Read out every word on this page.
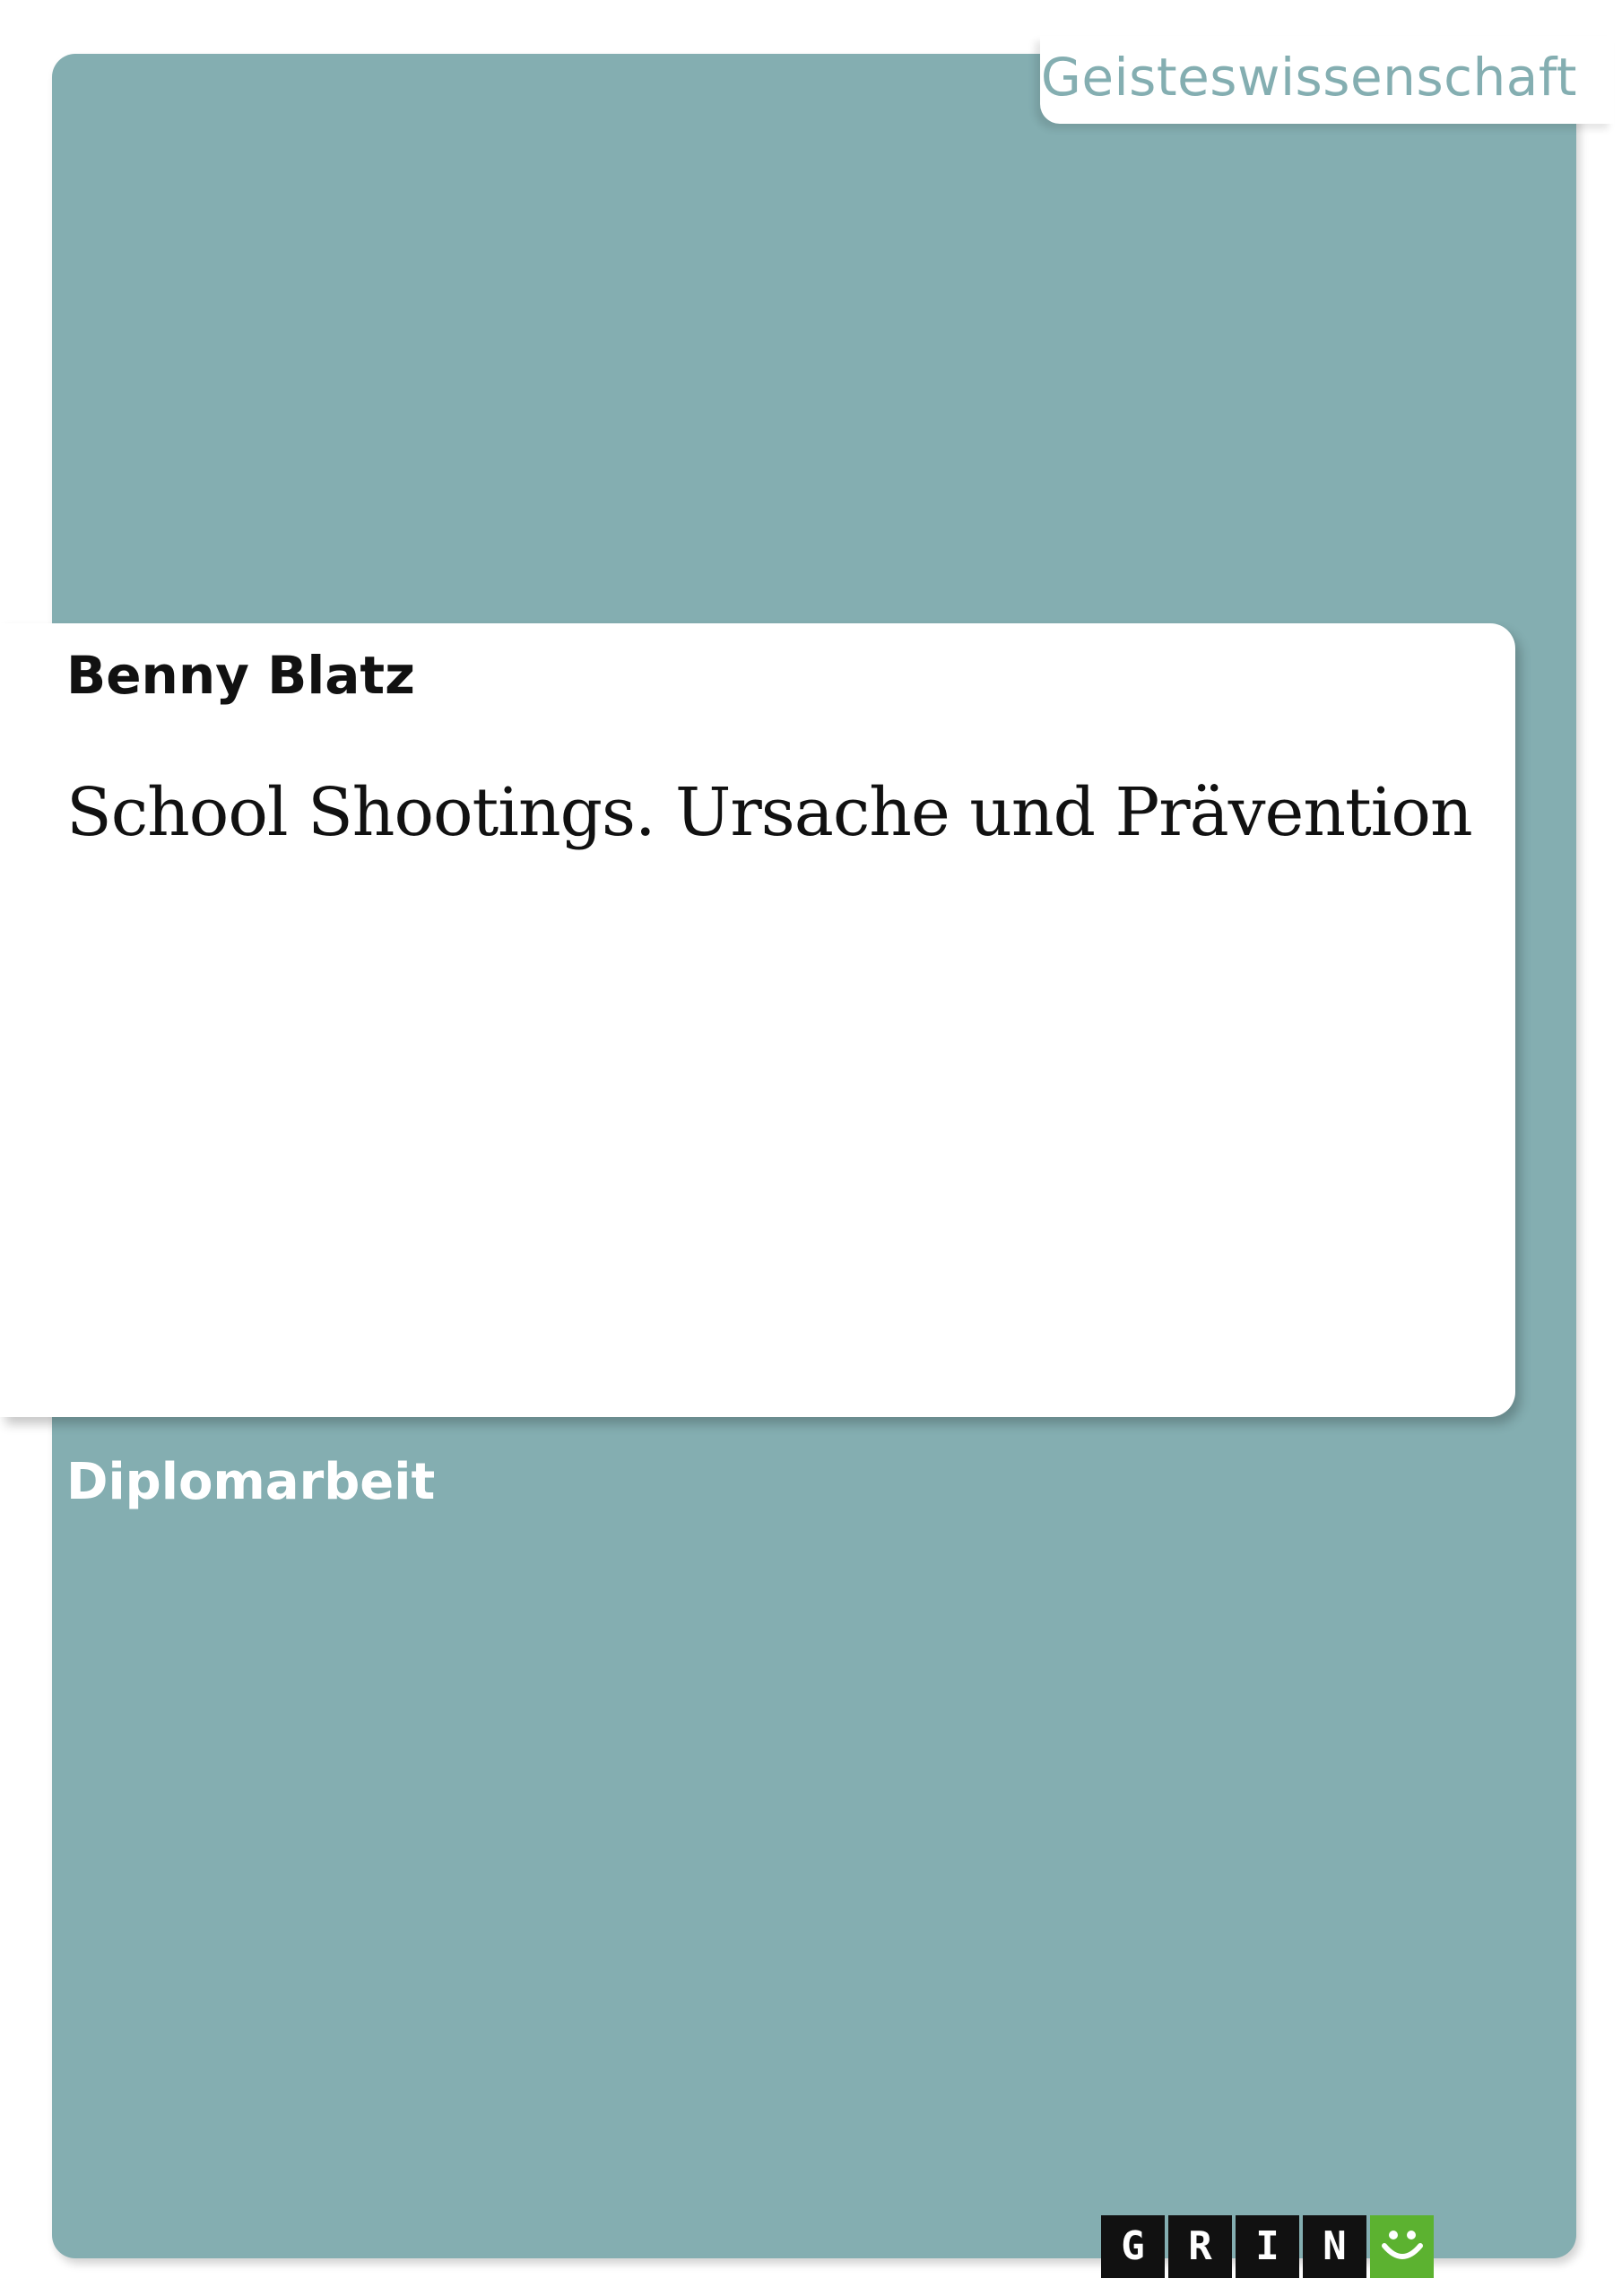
Geisteswissenschaft
Benny Blatz
School Shootings. Ursache und Prävention
Diplomarbeit
G	R	I	N
